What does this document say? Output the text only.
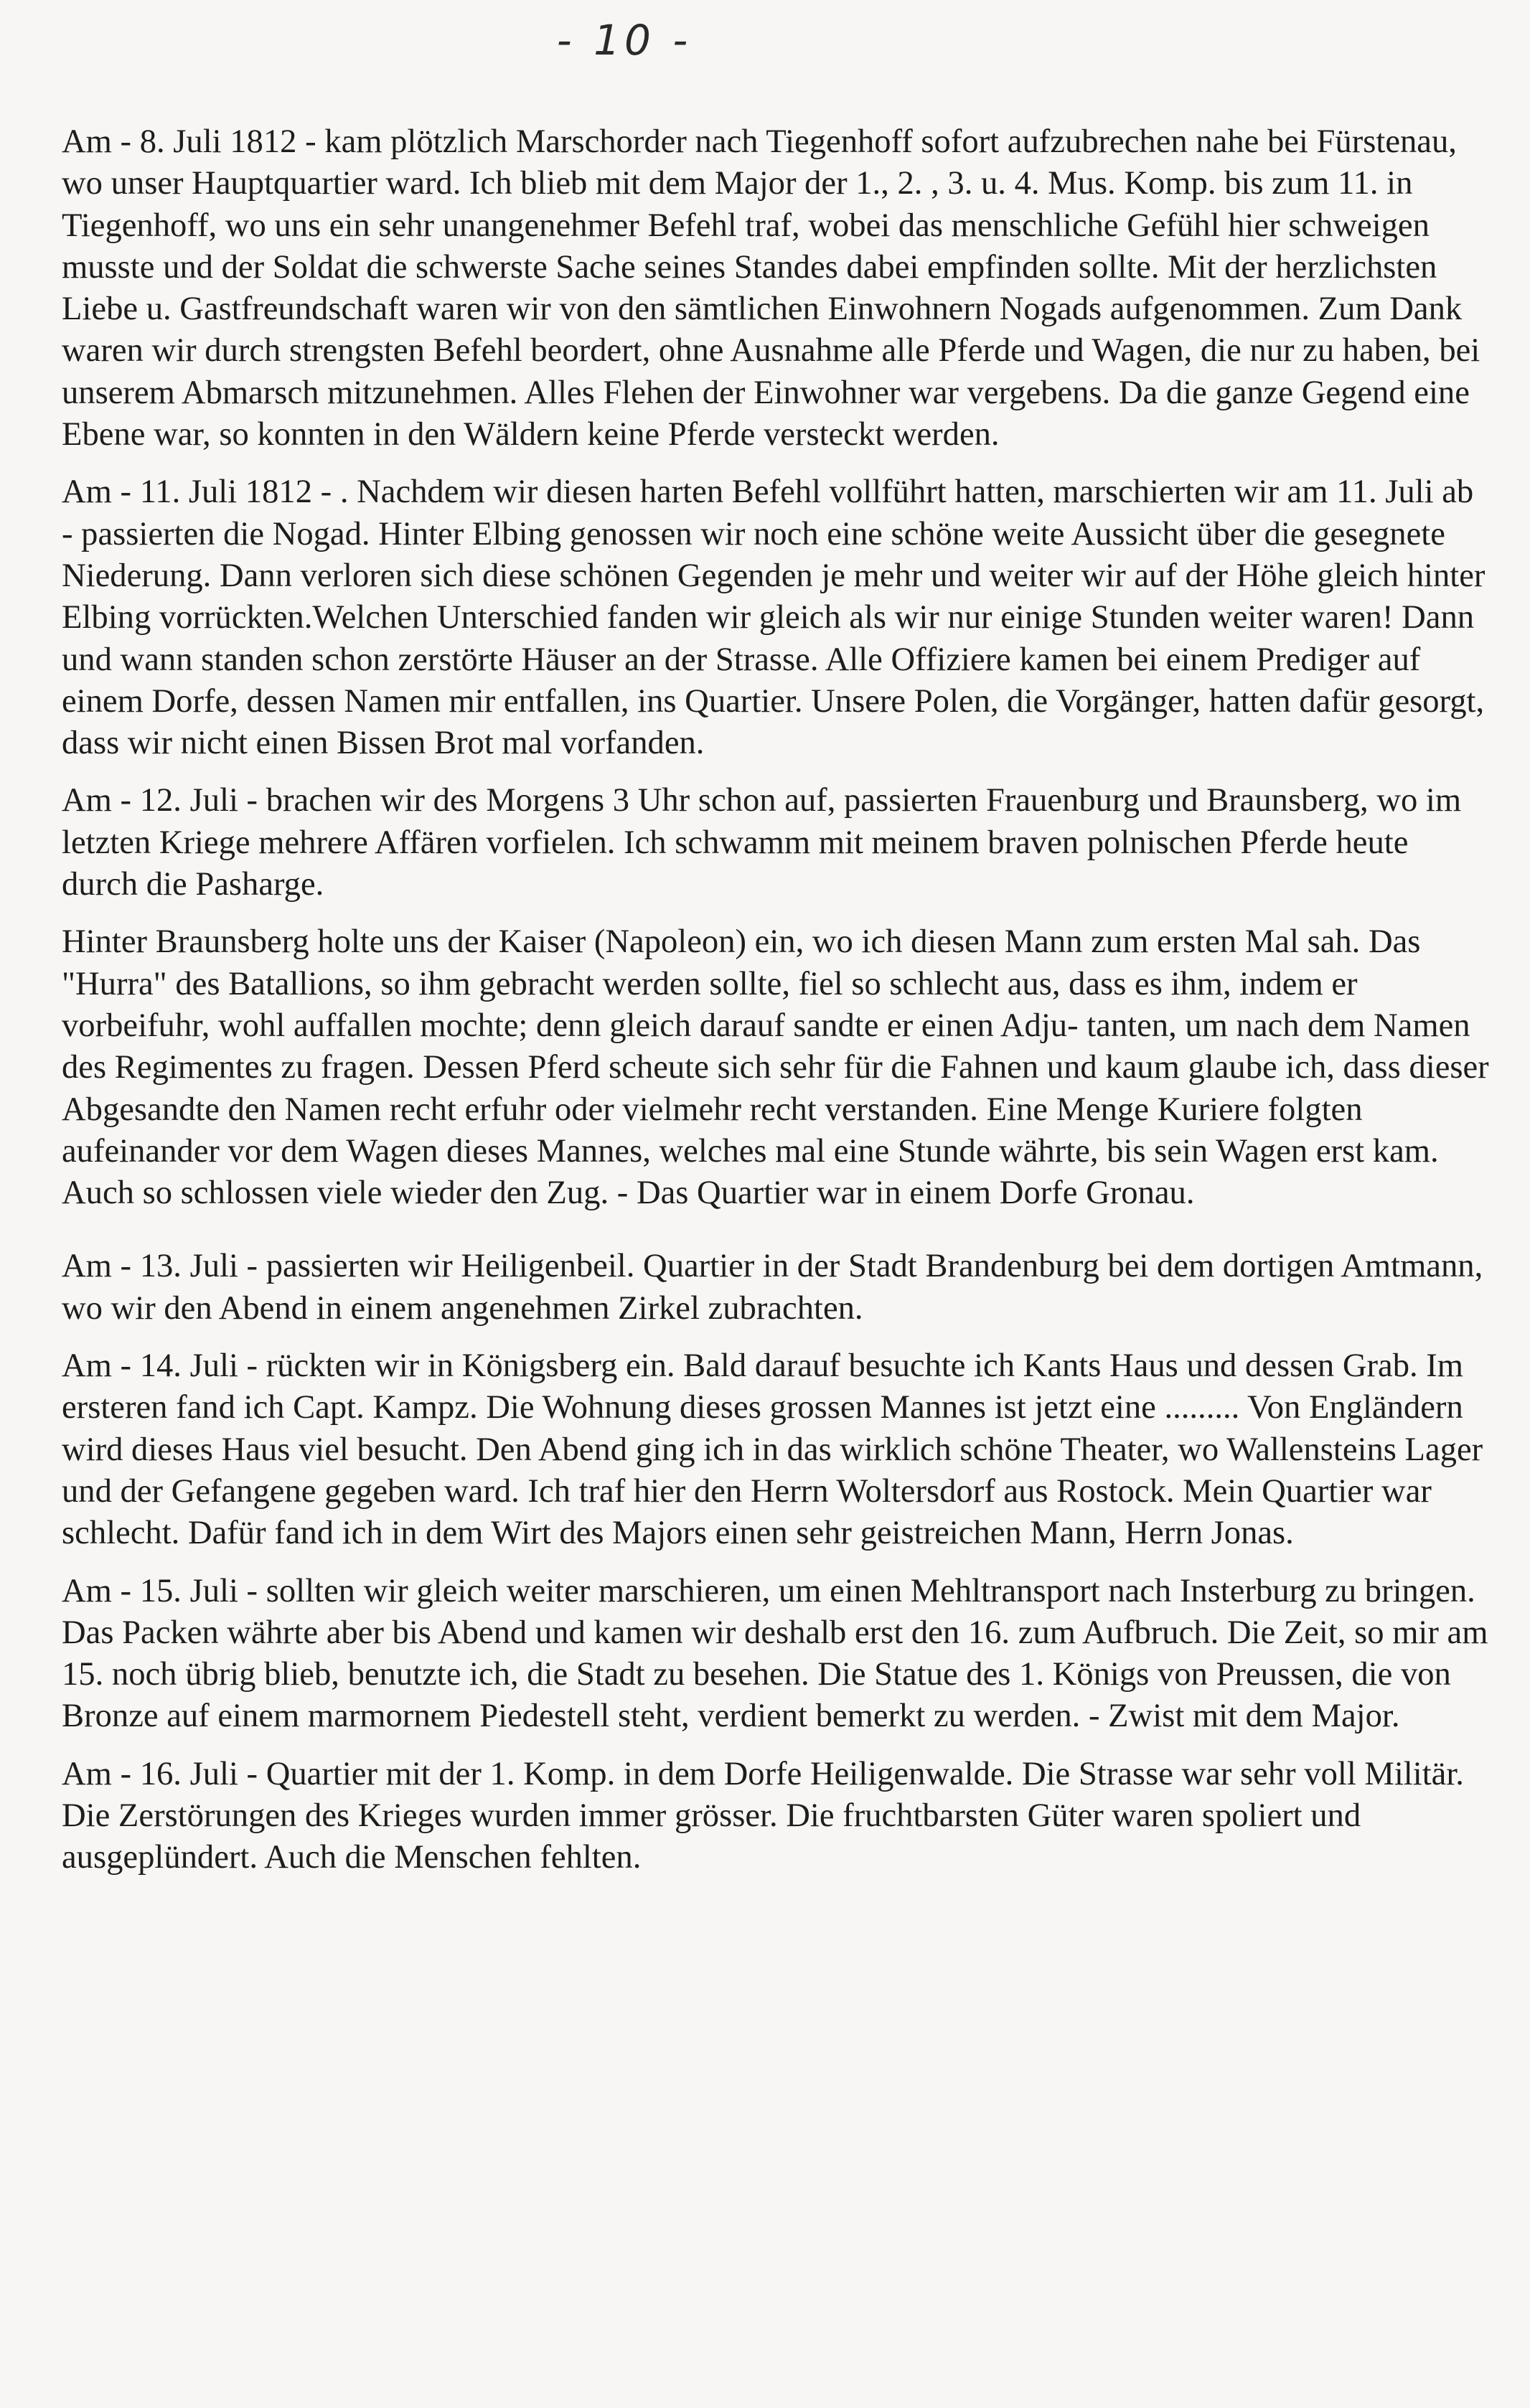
- 10 -

Am - 8. Juli 1812 - kam plötzlich Marschorder nach Tiegenhoff sofort aufzubrechen nahe bei Fürstenau, wo unser Hauptquartier ward. Ich blieb mit dem Major der 1., 2. , 3. u. 4. Mus. Komp. bis zum 11. in Tiegenhoff, wo uns ein sehr unangenehmer Befehl traf, wobei das menschliche Gefühl hier schweigen musste und der Soldat die schwerste Sache seines Standes dabei empfinden sollte. Mit der herzlichsten Liebe u. Gastfreundschaft waren wir von den sämtlichen Einwohnern Nogads aufgenommen. Zum Dank waren wir durch strengsten Befehl beordert, ohne Ausnahme alle Pferde und Wagen, die nur zu haben, bei unserem Abmarsch mitzunehmen. Alles Flehen der Einwohner war vergebens. Da die ganze Gegend eine Ebene war, so konnten in den Wäldern keine Pferde versteckt werden.

Am - 11. Juli 1812 - . Nachdem wir diesen harten Befehl vollführt hatten, marschierten wir am 11. Juli ab - passierten die Nogad. Hinter Elbing genossen wir noch eine schöne weite Aussicht über die gesegnete Niederung. Dann verloren sich diese schönen Gegenden je mehr und weiter wir auf der Höhe gleich hinter Elbing vorrückten.Welchen Unterschied fanden wir gleich als wir nur einige Stunden weiter waren! Dann und wann standen schon zerstörte Häuser an der Strasse. Alle Offiziere kamen bei einem Prediger auf einem Dorfe, dessen Namen mir entfallen, ins Quartier. Unsere Polen, die Vorgänger, hatten dafür gesorgt, dass wir nicht einen Bissen Brot mal vorfanden.

Am - 12. Juli - brachen wir des Morgens 3 Uhr schon auf, passierten Frauenburg und Braunsberg, wo im letzten Kriege mehrere Affären vorfielen. Ich schwamm mit meinem braven polnischen Pferde heute durch die Pasharge.

Hinter Braunsberg holte uns der Kaiser (Napoleon) ein, wo ich diesen Mann zum ersten Mal sah. Das "Hurra" des Batallions, so ihm gebracht werden sollte, fiel so schlecht aus, dass es ihm, indem er vorbeifuhr, wohl auffallen mochte; denn gleich darauf sandte er einen Adju- tanten, um nach dem Namen des Regimentes zu fragen. Dessen Pferd scheute sich sehr für die Fahnen und kaum glaube ich, dass dieser Abgesandte den Namen recht erfuhr oder vielmehr recht verstanden. Eine Menge Kuriere folgten aufeinander vor dem Wagen dieses Mannes, welches mal eine Stunde währte, bis sein Wagen erst kam. Auch so schlossen viele wieder den Zug. - Das Quartier war in einem Dorfe Gronau.

Am - 13. Juli - passierten wir Heiligenbeil. Quartier in der Stadt Brandenburg bei dem dortigen Amtmann, wo wir den Abend in einem angenehmen Zirkel zubrachten.

Am - 14. Juli - rückten wir in Königsberg ein. Bald darauf besuchte ich Kants Haus und dessen Grab. Im ersteren fand ich Capt. Kampz. Die Wohnung dieses grossen Mannes ist jetzt eine ......... Von Engländern wird dieses Haus viel besucht. Den Abend ging ich in das wirklich schöne Theater, wo Wallensteins Lager und der Gefangene gegeben ward. Ich traf hier den Herrn Woltersdorf aus Rostock. Mein Quartier war schlecht. Dafür fand ich in dem Wirt des Majors einen sehr geistreichen Mann, Herrn Jonas.

Am - 15. Juli - sollten wir gleich weiter marschieren, um einen Mehltransport nach Insterburg zu bringen. Das Packen währte aber bis Abend und kamen wir deshalb erst den 16. zum Aufbruch. Die Zeit, so mir am 15. noch übrig blieb, benutzte ich, die Stadt zu besehen. Die Statue des 1. Königs von Preussen, die von Bronze auf einem marmornem Piedestell steht, verdient bemerkt zu werden. - Zwist mit dem Major.

Am - 16. Juli - Quartier mit der 1. Komp. in dem Dorfe Heiligenwalde. Die Strasse war sehr voll Militär. Die Zerstörungen des Krieges wurden immer grösser. Die fruchtbarsten Güter waren spoliert und ausgeplündert. Auch die Menschen fehlten.
